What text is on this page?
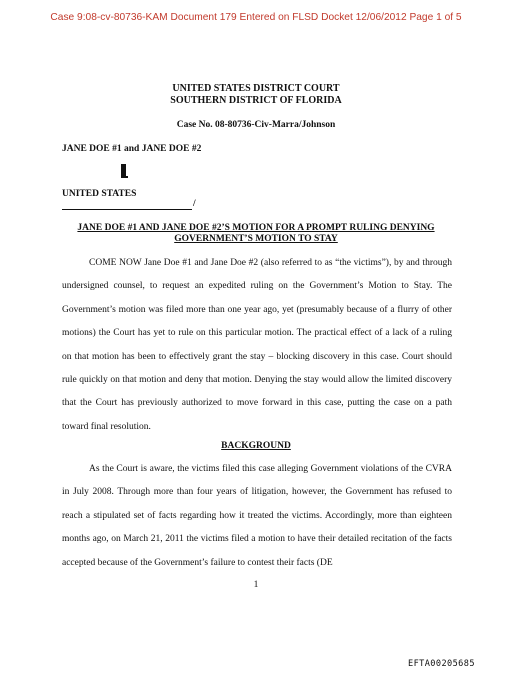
Case 9:08-cv-80736-KAM Document 179 Entered on FLSD Docket 12/06/2012 Page 1 of 5
UNITED STATES DISTRICT COURT
SOUTHERN DISTRICT OF FLORIDA
Case No. 08-80736-Civ-Marra/Johnson
JANE DOE #1 and JANE DOE #2
UNITED STATES
/
JANE DOE #1 AND JANE DOE #2’S MOTION FOR A PROMPT RULING DENYING
GOVERNMENT’S MOTION TO STAY
COME NOW Jane Doe #1 and Jane Doe #2 (also referred to as “the victims”), by and through undersigned counsel, to request an expedited ruling on the Government’s Motion to Stay. The Government’s motion was filed more than one year ago, yet (presumably because of a flurry of other motions) the Court has yet to rule on this particular motion. The practical effect of a lack of a ruling on that motion has been to effectively grant the stay – blocking discovery in this case. Court should rule quickly on that motion and deny that motion. Denying the stay would allow the limited discovery that the Court has previously authorized to move forward in this case, putting the case on a path toward final resolution.
BACKGROUND
As the Court is aware, the victims filed this case alleging Government violations of the CVRA in July 2008. Through more than four years of litigation, however, the Government has refused to reach a stipulated set of facts regarding how it treated the victims. Accordingly, more than eighteen months ago, on March 21, 2011 the victims filed a motion to have their detailed recitation of the facts accepted because of the Government’s failure to contest their facts (DE
1
EFTA00205685
